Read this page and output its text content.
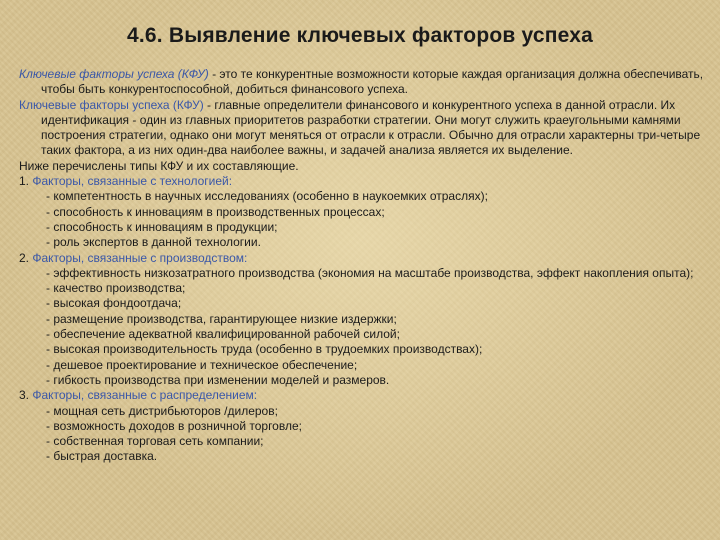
4.6. Выявление ключевых факторов успеха

Ключевые факторы успеха (КФУ) - это те конкурентные возможности которые каждая организация должна обеспечивать, чтобы быть конкурентоспособной, добиться финансового успеха.

Ключевые факторы успеха (КФУ) - главные определители финансового и конкурентного успеха в данной отрасли. Их идентификация - один из главных приоритетов разработки стратегии. Они могут служить краеугольными камнями построения стратегии, однако они могут меняться от отрасли к отрасли. Обычно для отрасли характерны три-четыре таких фактора, а из них один-два наиболее важны, и задачей анализа является их выделение.

Ниже перечислены типы КФУ и их составляющие.

1. Факторы, связанные с технологией:

- компетентность в научных исследованиях (особенно в наукоемких отраслях);

- способность к инновациям в производственных процессах;

- способность к инновациям в продукции;

- роль экспертов в данной технологии.

2. Факторы, связанные с производством:

- эффективность низкозатратного производства (экономия на масштабе производства, эффект накопления опыта);

- качество производства;

- высокая фондоотдача;

- размещение производства, гарантирующее низкие издержки;

- обеспечение адекватной квалифицированной рабочей силой;

- высокая производительность труда (особенно в трудоемких производствах);

- дешевое проектирование и техническое обеспечение;

- гибкость производства при изменении моделей и размеров.

3. Факторы, связанные с распределением:

- мощная сеть дистрибьюторов /дилеров;

- возможность доходов в розничной торговле;

- собственная торговая сеть компании;

- быстрая доставка.
